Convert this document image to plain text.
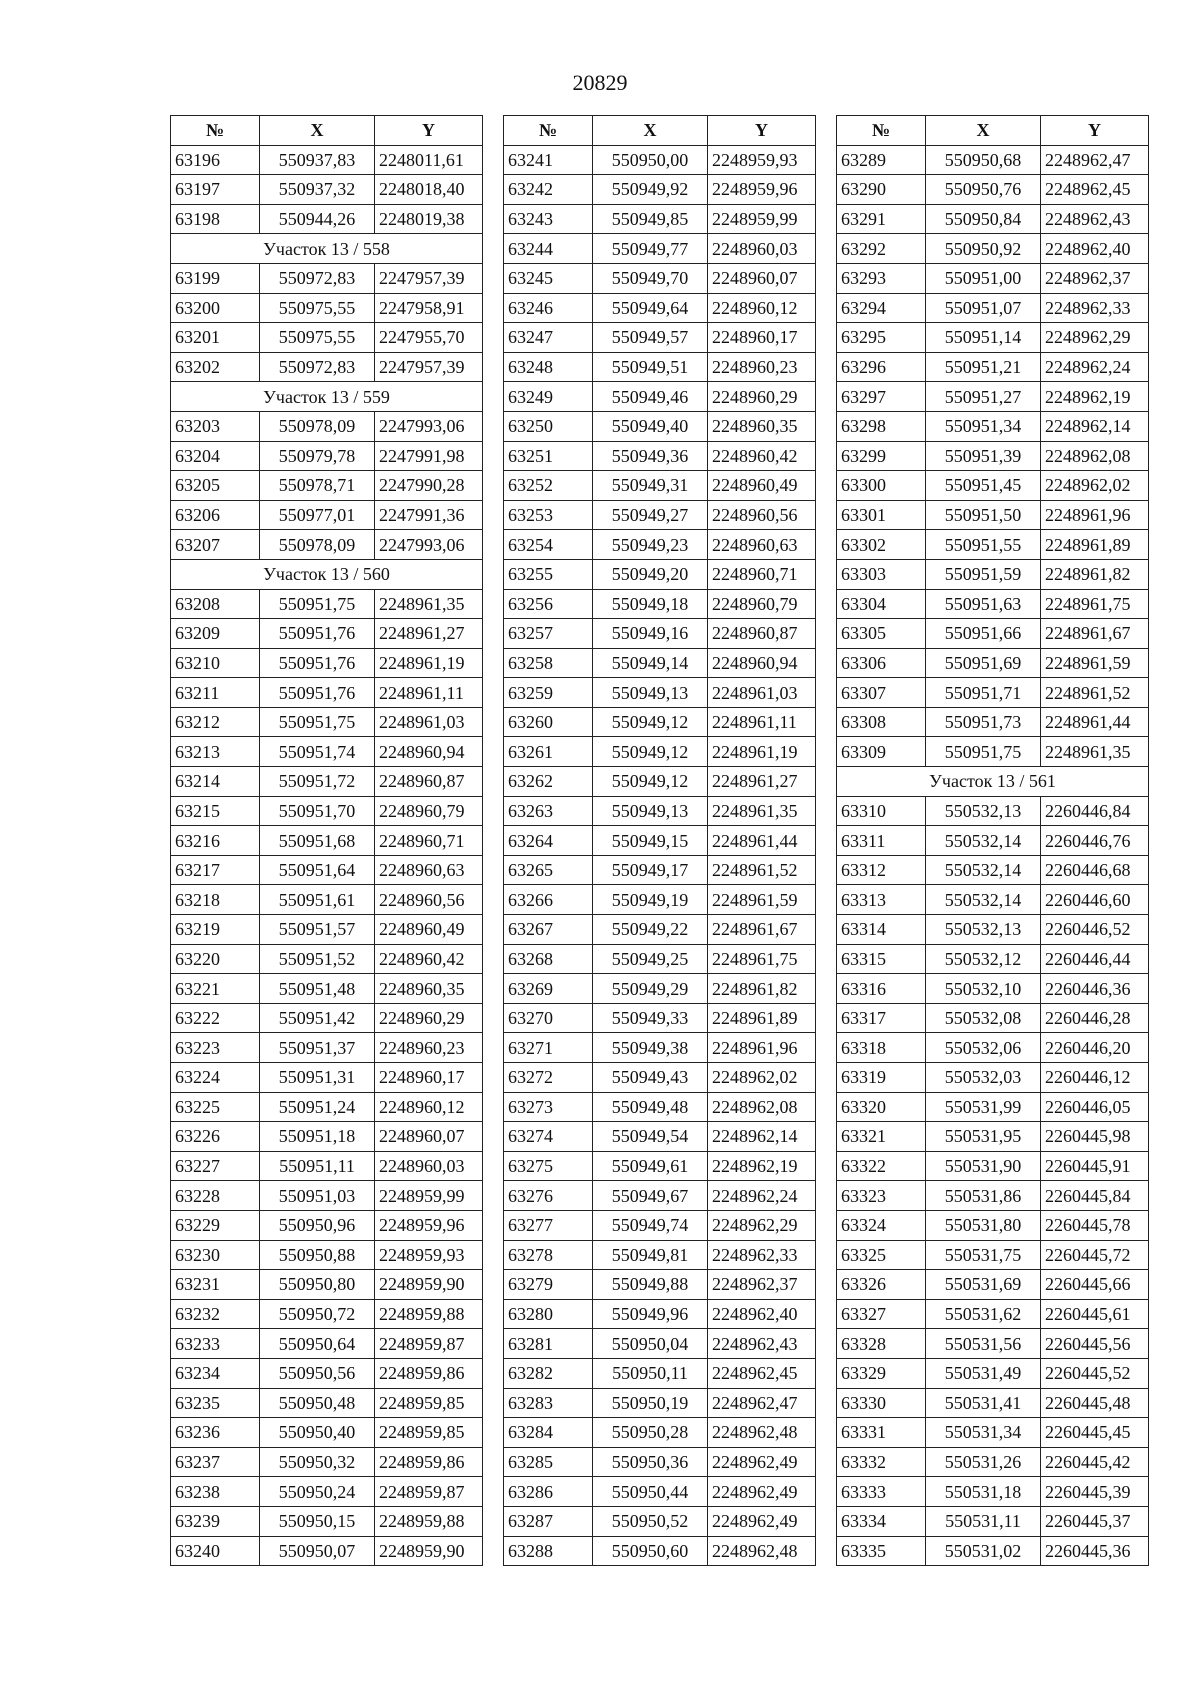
20829
№	X	Y
63196	550937,83	2248011,61
63197	550937,32	2248018,40
63198	550944,26	2248019,38
Участок 13 / 558		
63199	550972,83	2247957,39
63200	550975,55	2247958,91
63201	550975,55	2247955,70
63202	550972,83	2247957,39
Участок 13 / 559		
63203	550978,09	2247993,06
63204	550979,78	2247991,98
63205	550978,71	2247990,28
63206	550977,01	2247991,36
63207	550978,09	2247993,06
Участок 13 / 560		
63208	550951,75	2248961,35
63209	550951,76	2248961,27
63210	550951,76	2248961,19
63211	550951,76	2248961,11
63212	550951,75	2248961,03
63213	550951,74	2248960,94
63214	550951,72	2248960,87
63215	550951,70	2248960,79
63216	550951,68	2248960,71
63217	550951,64	2248960,63
63218	550951,61	2248960,56
63219	550951,57	2248960,49
63220	550951,52	2248960,42
63221	550951,48	2248960,35
63222	550951,42	2248960,29
63223	550951,37	2248960,23
63224	550951,31	2248960,17
63225	550951,24	2248960,12
63226	550951,18	2248960,07
63227	550951,11	2248960,03
63228	550951,03	2248959,99
63229	550950,96	2248959,96
63230	550950,88	2248959,93
63231	550950,80	2248959,90
63232	550950,72	2248959,88
63233	550950,64	2248959,87
63234	550950,56	2248959,86
63235	550950,48	2248959,85
63236	550950,40	2248959,85
63237	550950,32	2248959,86
63238	550950,24	2248959,87
63239	550950,15	2248959,88
63240	550950,07	2248959,90
№	X	Y
63241	550950,00	2248959,93
63242	550949,92	2248959,96
63243	550949,85	2248959,99
63244	550949,77	2248960,03
63245	550949,70	2248960,07
63246	550949,64	2248960,12
63247	550949,57	2248960,17
63248	550949,51	2248960,23
63249	550949,46	2248960,29
63250	550949,40	2248960,35
63251	550949,36	2248960,42
63252	550949,31	2248960,49
63253	550949,27	2248960,56
63254	550949,23	2248960,63
63255	550949,20	2248960,71
63256	550949,18	2248960,79
63257	550949,16	2248960,87
63258	550949,14	2248960,94
63259	550949,13	2248961,03
63260	550949,12	2248961,11
63261	550949,12	2248961,19
63262	550949,12	2248961,27
63263	550949,13	2248961,35
63264	550949,15	2248961,44
63265	550949,17	2248961,52
63266	550949,19	2248961,59
63267	550949,22	2248961,67
63268	550949,25	2248961,75
63269	550949,29	2248961,82
63270	550949,33	2248961,89
63271	550949,38	2248961,96
63272	550949,43	2248962,02
63273	550949,48	2248962,08
63274	550949,54	2248962,14
63275	550949,61	2248962,19
63276	550949,67	2248962,24
63277	550949,74	2248962,29
63278	550949,81	2248962,33
63279	550949,88	2248962,37
63280	550949,96	2248962,40
63281	550950,04	2248962,43
63282	550950,11	2248962,45
63283	550950,19	2248962,47
63284	550950,28	2248962,48
63285	550950,36	2248962,49
63286	550950,44	2248962,49
63287	550950,52	2248962,49
63288	550950,60	2248962,48
№	X	Y
63289	550950,68	2248962,47
63290	550950,76	2248962,45
63291	550950,84	2248962,43
63292	550950,92	2248962,40
63293	550951,00	2248962,37
63294	550951,07	2248962,33
63295	550951,14	2248962,29
63296	550951,21	2248962,24
63297	550951,27	2248962,19
63298	550951,34	2248962,14
63299	550951,39	2248962,08
63300	550951,45	2248962,02
63301	550951,50	2248961,96
63302	550951,55	2248961,89
63303	550951,59	2248961,82
63304	550951,63	2248961,75
63305	550951,66	2248961,67
63306	550951,69	2248961,59
63307	550951,71	2248961,52
63308	550951,73	2248961,44
63309	550951,75	2248961,35
Участок 13 / 561		
63310	550532,13	2260446,84
63311	550532,14	2260446,76
63312	550532,14	2260446,68
63313	550532,14	2260446,60
63314	550532,13	2260446,52
63315	550532,12	2260446,44
63316	550532,10	2260446,36
63317	550532,08	2260446,28
63318	550532,06	2260446,20
63319	550532,03	2260446,12
63320	550531,99	2260446,05
63321	550531,95	2260445,98
63322	550531,90	2260445,91
63323	550531,86	2260445,84
63324	550531,80	2260445,78
63325	550531,75	2260445,72
63326	550531,69	2260445,66
63327	550531,62	2260445,61
63328	550531,56	2260445,56
63329	550531,49	2260445,52
63330	550531,41	2260445,48
63331	550531,34	2260445,45
63332	550531,26	2260445,42
63333	550531,18	2260445,39
63334	550531,11	2260445,37
63335	550531,02	2260445,36
